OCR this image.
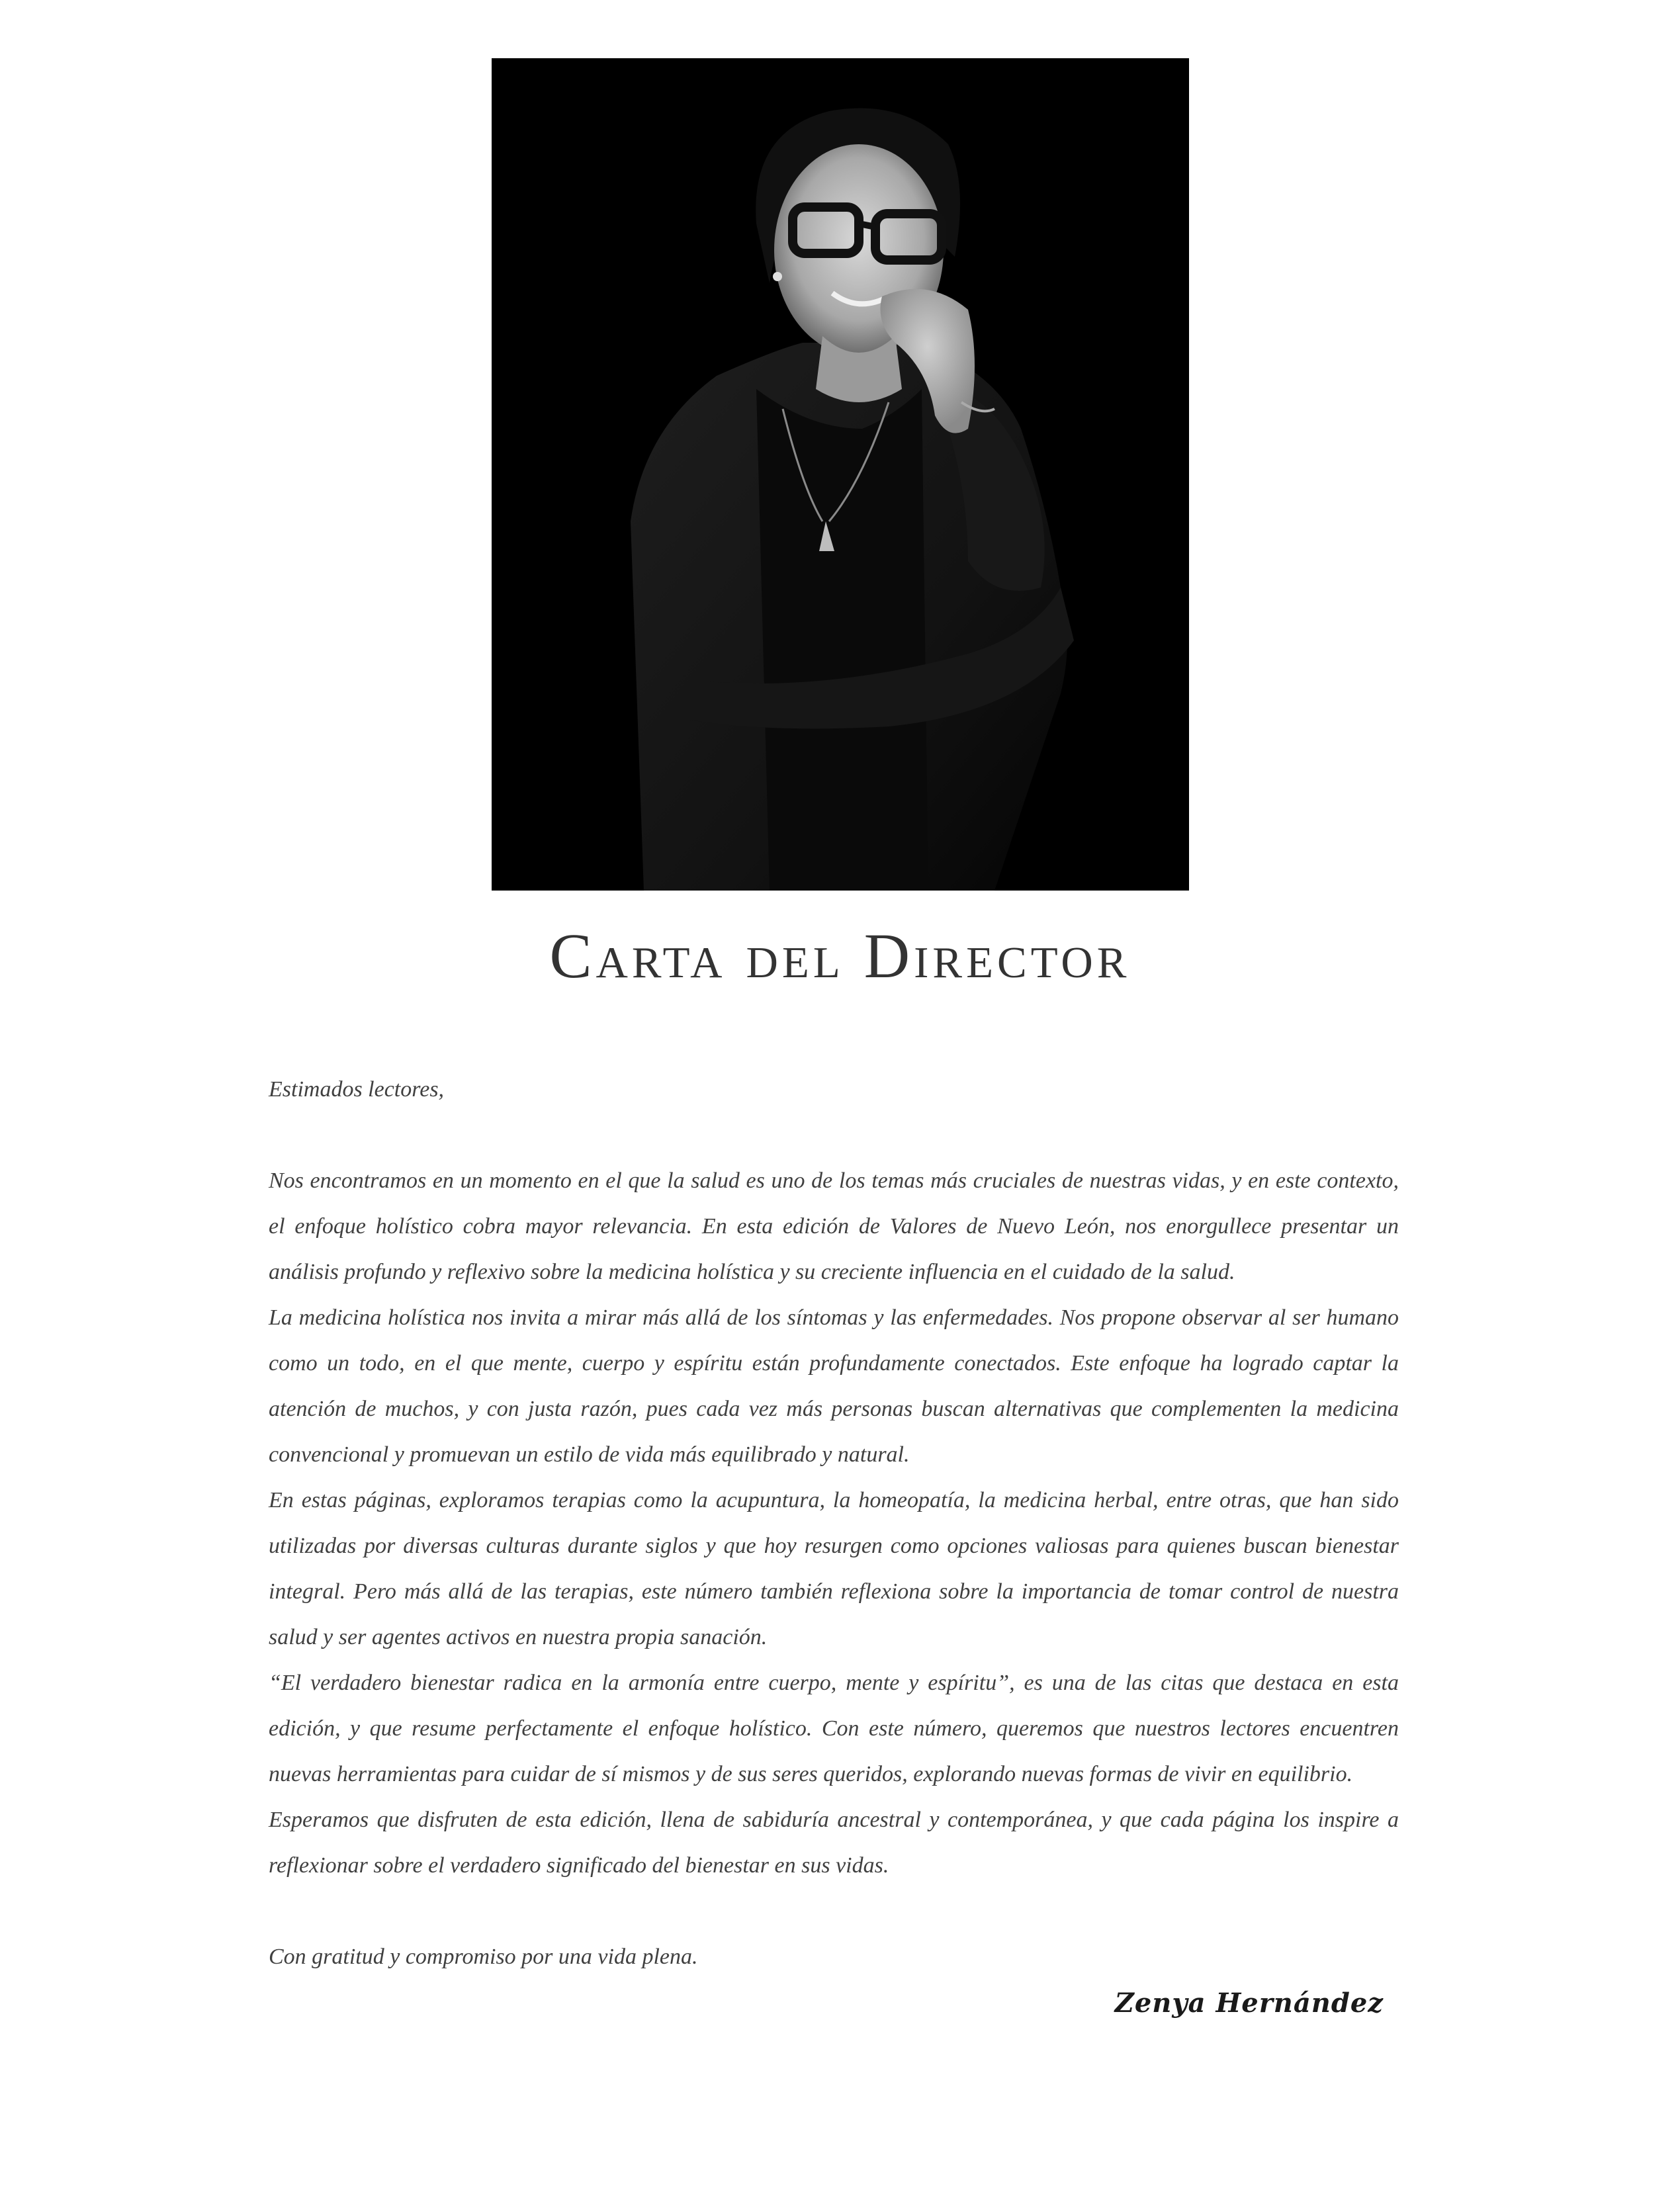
Carta del Director

Estimados lectores,

Nos encontramos en un momento en el que la salud es uno de los temas más cruciales de nuestras vidas, y en este contexto, el enfoque holístico cobra mayor relevancia. En esta edición de Valores de Nuevo León, nos enorgullece presentar un análisis profundo y reflexivo sobre la medicina holística y su creciente influencia en el cuidado de la salud.

La medicina holística nos invita a mirar más allá de los síntomas y las enfermedades. Nos propone observar al ser humano como un todo, en el que mente, cuerpo y espíritu están profundamente conectados. Este enfoque ha logrado captar la atención de muchos, y con justa razón, pues cada vez más personas buscan alternativas que complementen la medicina convencional y promuevan un estilo de vida más equilibrado y natural.

En estas páginas, exploramos terapias como la acupuntura, la homeopatía, la medicina herbal, entre otras, que han sido utilizadas por diversas culturas durante siglos y que hoy resurgen como opciones valiosas para quienes buscan bienestar integral. Pero más allá de las terapias, este número también reflexiona sobre la importancia de tomar control de nuestra salud y ser agentes activos en nuestra propia sanación.

“El verdadero bienestar radica en la armonía entre cuerpo, mente y espíritu”, es una de las citas que destaca en esta edición, y que resume perfectamente el enfoque holístico. Con este número, queremos que nuestros lectores encuentren nuevas herramientas para cuidar de sí mismos y de sus seres queridos, explorando nuevas formas de vivir en equilibrio.

Esperamos que disfruten de esta edición, llena de sabiduría ancestral y contemporánea, y que cada página los inspire a reflexionar sobre el verdadero significado del bienestar en sus vidas.

Con gratitud y compromiso por una vida plena.

Zenya Hernández
